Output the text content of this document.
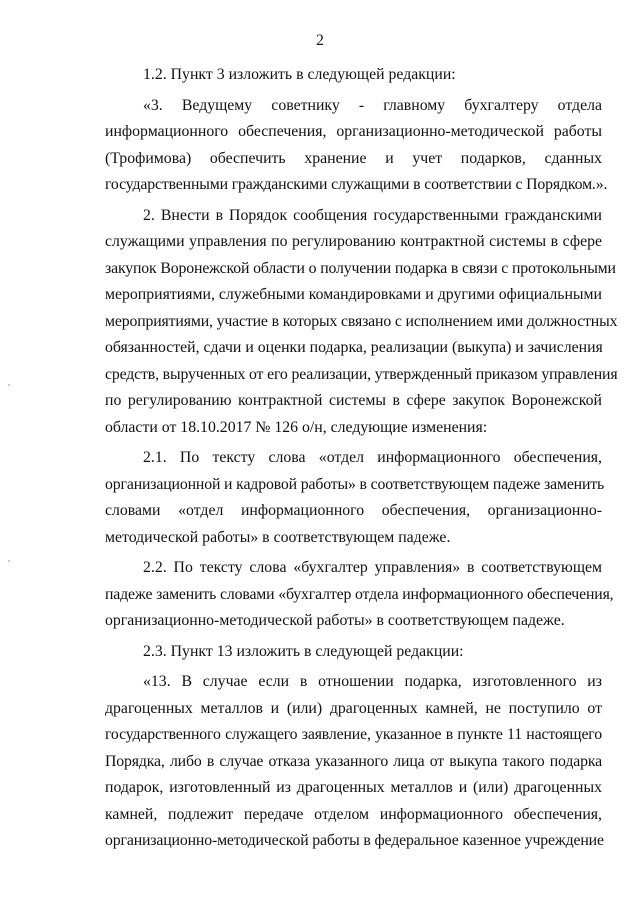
2
1.2. Пункт 3 изложить в следующей редакции:
«3. Ведущему советнику - главному бухгалтеру отдела
информационного обеспечения, организационно-методической работы
(Трофимова) обеспечить хранение и учет подарков, сданных
государственными гражданскими служащими в соответствии с Порядком.».
2. Внести в Порядок сообщения государственными гражданскими
служащими управления по регулированию контрактной системы в сфере
закупок Воронежской области о получении подарка в связи с протокольными
мероприятиями, служебными командировками и другими официальными
мероприятиями, участие в которых связано с исполнением ими должностных
обязанностей, сдачи и оценки подарка, реализации (выкупа) и зачисления
средств, вырученных от его реализации, утвержденный приказом управления
по регулированию контрактной системы в сфере закупок Воронежской
области от 18.10.2017 № 126 о/н, следующие изменения:
2.1. По тексту слова «отдел информационного обеспечения,
организационной и кадровой работы» в соответствующем падеже заменить
словами «отдел информационного обеспечения, организационно-
методической работы» в соответствующем падеже.
2.2. По тексту слова «бухгалтер управления» в соответствующем
падеже заменить словами «бухгалтер отдела информационного обеспечения,
организационно-методической работы» в соответствующем падеже.
2.3. Пункт 13 изложить в следующей редакции:
«13. В случае если в отношении подарка, изготовленного из
драгоценных металлов и (или) драгоценных камней, не поступило от
государственного служащего заявление, указанное в пункте 11 настоящего
Порядка, либо в случае отказа указанного лица от выкупа такого подарка
подарок, изготовленный из драгоценных металлов и (или) драгоценных
камней, подлежит передаче отделом информационного обеспечения,
организационно-методической работы в федеральное казенное учреждение
